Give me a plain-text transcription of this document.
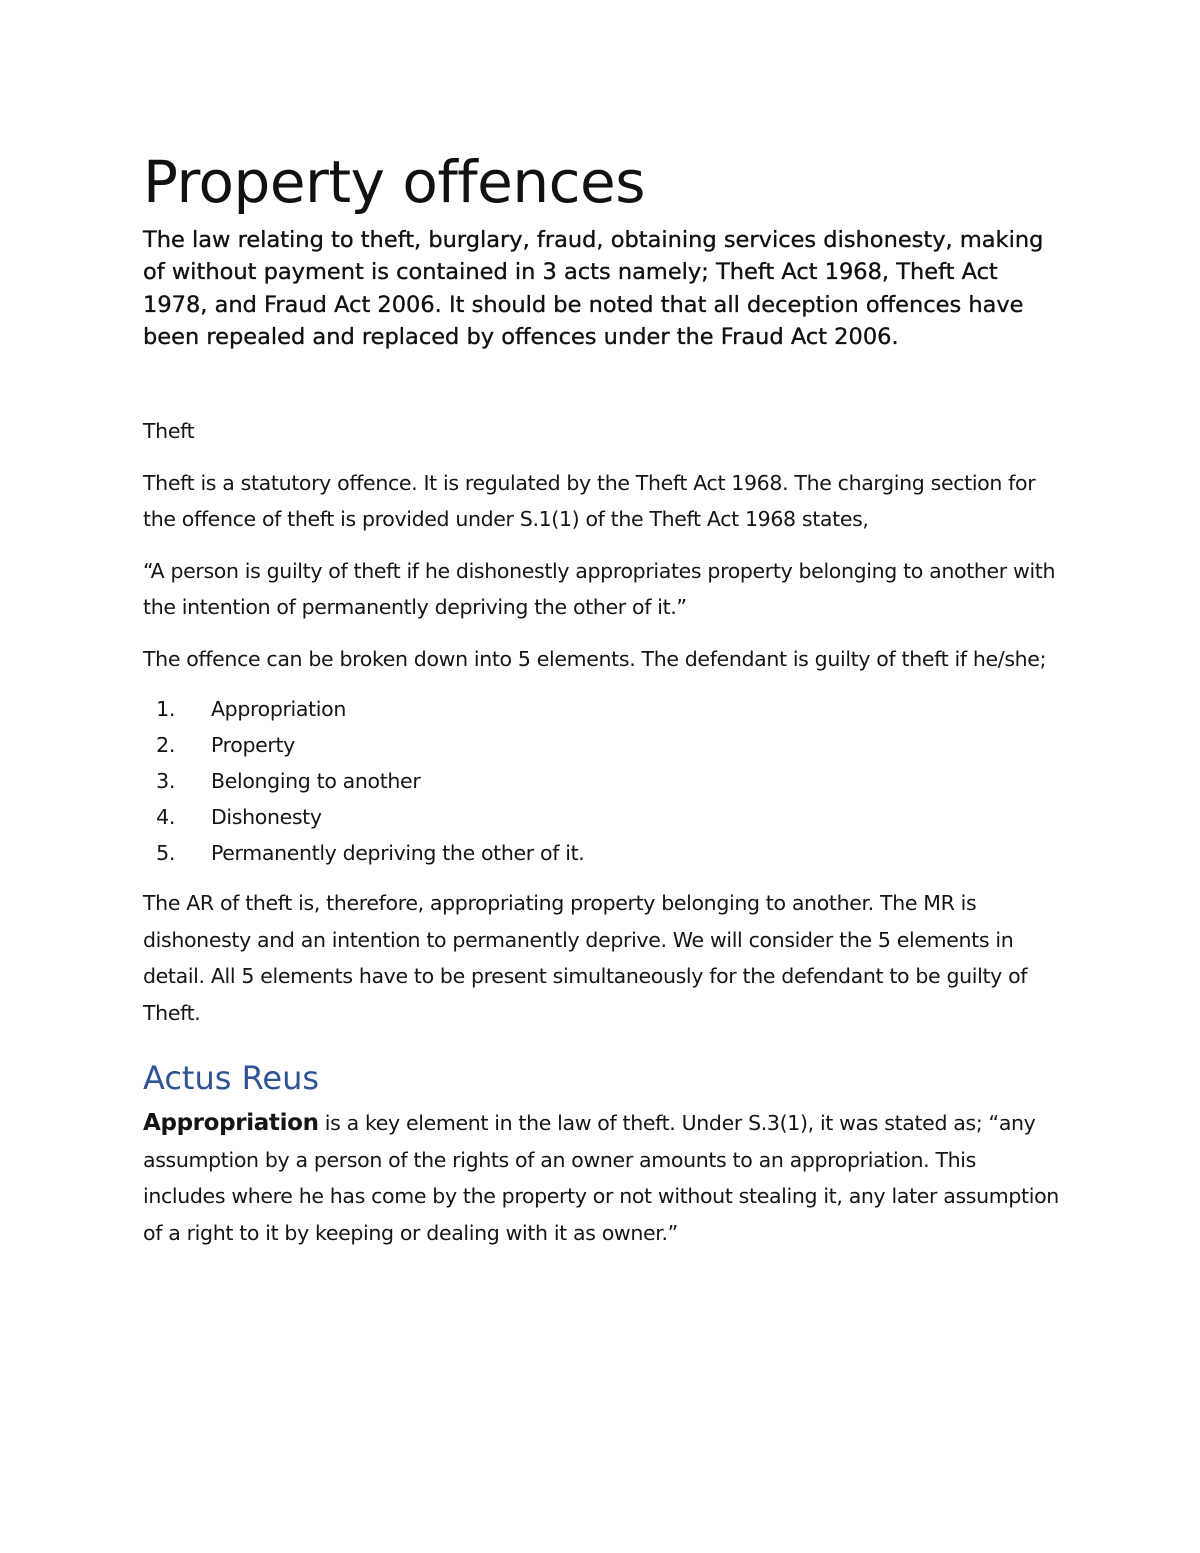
Property offences

The law relating to theft, burglary, fraud, obtaining services dishonesty, making of without payment is contained in 3 acts namely; Theft Act 1968, Theft Act 1978, and Fraud Act 2006. It should be noted that all deception offences have been repealed and replaced by offences under the Fraud Act 2006.

Theft

Theft is a statutory offence. It is regulated by the Theft Act 1968. The charging section for the offence of theft is provided under S.1(1) of the Theft Act 1968 states,

“A person is guilty of theft if he dishonestly appropriates property belonging to another with the intention of permanently depriving the other of it.”

The offence can be broken down into 5 elements. The defendant is guilty of theft if he/she;

1. Appropriation
2. Property
3. Belonging to another
4. Dishonesty
5. Permanently depriving the other of it.

The AR of theft is, therefore, appropriating property belonging to another. The MR is dishonesty and an intention to permanently deprive. We will consider the 5 elements in detail. All 5 elements have to be present simultaneously for the defendant to be guilty of Theft.

Actus Reus

Appropriation is a key element in the law of theft. Under S.3(1), it was stated as; “any assumption by a person of the rights of an owner amounts to an appropriation. This includes where he has come by the property or not without stealing it, any later assumption of a right to it by keeping or dealing with it as owner.”
